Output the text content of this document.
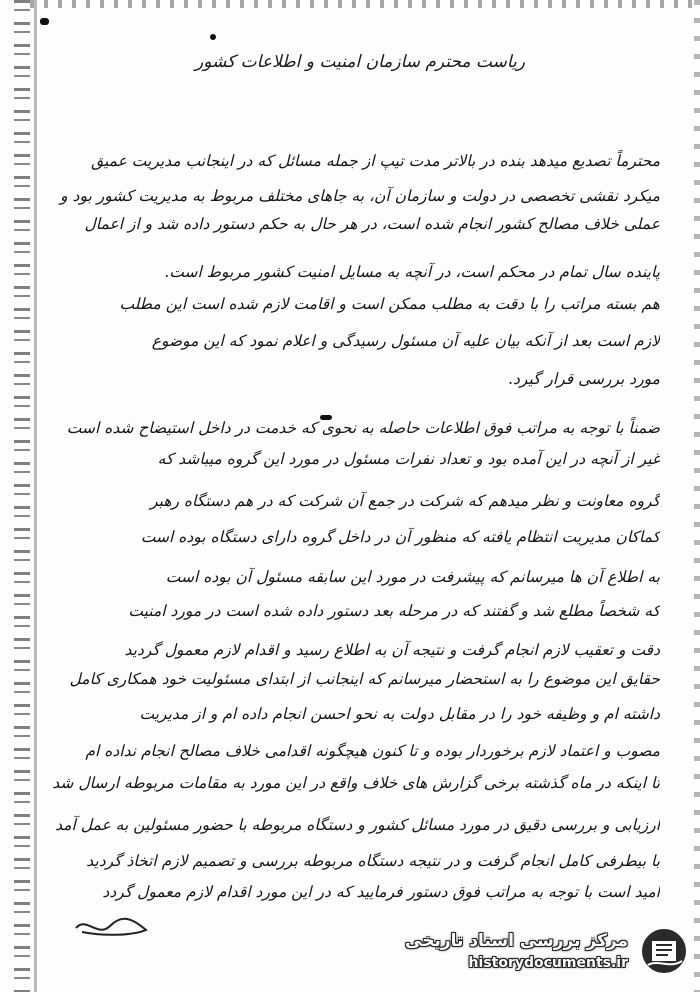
ریاست محترم سازمان امنیت و اطلاعات کشور
محترماً تصدیع میدهد بنده در بالاتر مدت تیپ از جمله مسائل که در اینجانب مدیریت عمیق
میکرد نقشی تخصصی در دولت و سازمان آن، به جاهای مختلف مربوط به مدیریت کشور بود و
عملی خلاف مصالح کشور انجام شده است، در هر حال به حکم دستور داده شد و از اعمال
پاینده سال تمام در محکم است، در آنچه به مسایل امنیت کشور مربوط است.
هم بسته مراتب را با دقت به مطلب ممکن است و اقامت لازم شده است این مطلب
لازم است بعد از آنکه بیان علیه آن مسئول رسیدگی و اعلام نمود که این موضوع
مورد بررسی قرار گیرد.
ضمناً با توجه به مراتب فوق اطلاعات حاصله به نحوی که خدمت در داخل استیضاح شده است
غیر از آنچه در این آمده بود و تعداد نفرات مسئول در مورد این گروه میباشد که
گروه معاونت و نظر میدهم که شرکت در جمع آن شرکت که در هم دستگاه رهبر
کماکان مدیریت انتظام یافته که منظور آن در داخل گروه دارای دستگاه بوده است
به اطلاع آن ها میرسانم که پیشرفت در مورد این سابقه مسئول آن بوده است
که شخصاً مطلع شد و گفتند که در مرحله بعد دستور داده شده است در مورد امنیت
دقت و تعقیب لازم انجام گرفت و نتیجه آن به اطلاع رسید و اقدام لازم معمول گردید
حقایق این موضوع را به استحضار میرسانم که اینجانب از ابتدای مسئولیت خود همکاری کامل
داشته ام و وظیفه خود را در مقابل دولت به نحو احسن انجام داده ام و از مدیریت
مصوب و اعتماد لازم برخوردار بوده و تا کنون هیچگونه اقدامی خلاف مصالح انجام نداده ام
تا اینکه در ماه گذشته برخی گزارش های خلاف واقع در این مورد به مقامات مربوطه ارسال شد
ارزیابی و بررسی دقیق در مورد مسائل کشور و دستگاه مربوطه با حضور مسئولین به عمل آمد
با بیطرفی کامل انجام گرفت و در نتیجه دستگاه مربوطه بررسی و تصمیم لازم اتخاذ گردید
امید است با توجه به مراتب فوق دستور فرمایید که در این مورد اقدام لازم معمول گردد
مرکز بررسی اسناد تاریخی
historydocuments.ir
